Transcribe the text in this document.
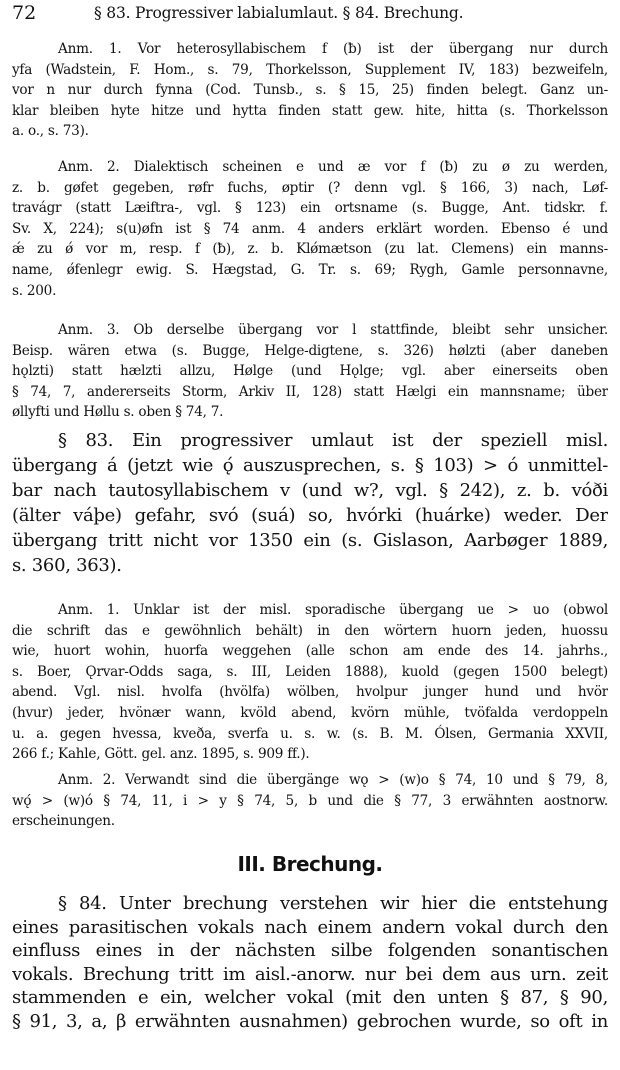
72	§ 83. Progressiver labialumlaut. § 84. Brechung.
Anm. 1. Vor heterosyllabischem f (ƀ) ist der übergang nur durch
yfa (Wadstein, F. Hom., s. 79, Thorkelsson, Supplement IV, 183) bezweifeln,
vor n nur durch fynna (Cod. Tunsb., s. § 15, 25) finden belegt. Ganz un-
klar bleiben hyte hitze und hytta finden statt gew. hite, hitta (s. Thorkelsson
a. o., s. 73).
Anm. 2. Dialektisch scheinen e und æ vor f (ƀ) zu ø zu werden,
z. b. gøfet gegeben, røfr fuchs, øptir (? denn vgl. § 166, 3) nach, Løf-
travágr (statt Læiftra-, vgl. § 123) ein ortsname (s. Bugge, Ant. tidskr. f.
Sv. X, 224); s(u)øfn ist § 74 anm. 4 anders erklärt worden. Ebenso é und
ǽ zu ǿ vor m, resp. f (ƀ), z. b. Klǿmætson (zu lat. Clemens) ein manns-
name, ǿfenlegr ewig. S. Hægstad, G. Tr. s. 69; Rygh, Gamle personnavne,
s. 200.
Anm. 3. Ob derselbe übergang vor l stattfinde, bleibt sehr unsicher.
Beisp. wären etwa (s. Bugge, Helge-digtene, s. 326) hølzti (aber daneben
hǫlzti) statt hælzti allzu, Hølge (und Hǫlge; vgl. aber einerseits oben
§ 74, 7, andererseits Storm, Arkiv II, 128) statt Hælgi ein mannsname; über
øllyfti und Høllu s. oben § 74, 7.
§ 83. Ein progressiver umlaut ist der speziell misl.
übergang á (jetzt wie ǫ́ auszusprechen, s. § 103) > ó unmittel-
bar nach tautosyllabischem v (und w?, vgl. § 242), z. b. vóði
(älter váþe) gefahr, svó (suá) so, hvórki (huárke) weder. Der
übergang tritt nicht vor 1350 ein (s. Gislason, Aarbøger 1889,
s. 360, 363).
Anm. 1. Unklar ist der misl. sporadische übergang ue > uo (obwol
die schrift das e gewöhnlich behält) in den wörtern huorn jeden, huossu
wie, huort wohin, huorfa weggehen (alle schon am ende des 14. jahrhs.,
s. Boer, Ǫrvar-Odds saga, s. III, Leiden 1888), kuold (gegen 1500 belegt)
abend. Vgl. nisl. hvolfa (hvölfa) wölben, hvolpur junger hund und hvör
(hvur) jeder, hvönær wann, kvöld abend, kvörn mühle, tvöfalda verdoppeln
u. a. gegen hvessa, kveða, sverfa u. s. w. (s. B. M. Ólsen, Germania XXVII,
266 f.; Kahle, Gött. gel. anz. 1895, s. 909 ff.).
Anm. 2. Verwandt sind die übergänge wǫ > (w)o § 74, 10 und § 79, 8,
wǫ́ > (w)ó § 74, 11, i > y § 74, 5, b und die § 77, 3 erwähnten aostnorw.
erscheinungen.
III. Brechung.
§ 84. Unter brechung verstehen wir hier die entstehung
eines parasitischen vokals nach einem andern vokal durch den
einfluss eines in der nächsten silbe folgenden sonantischen
vokals. Brechung tritt im aisl.-anorw. nur bei dem aus urn. zeit
stammenden e ein, welcher vokal (mit den unten § 87, § 90,
§ 91, 3, a, β erwähnten ausnahmen) gebrochen wurde, so oft in
